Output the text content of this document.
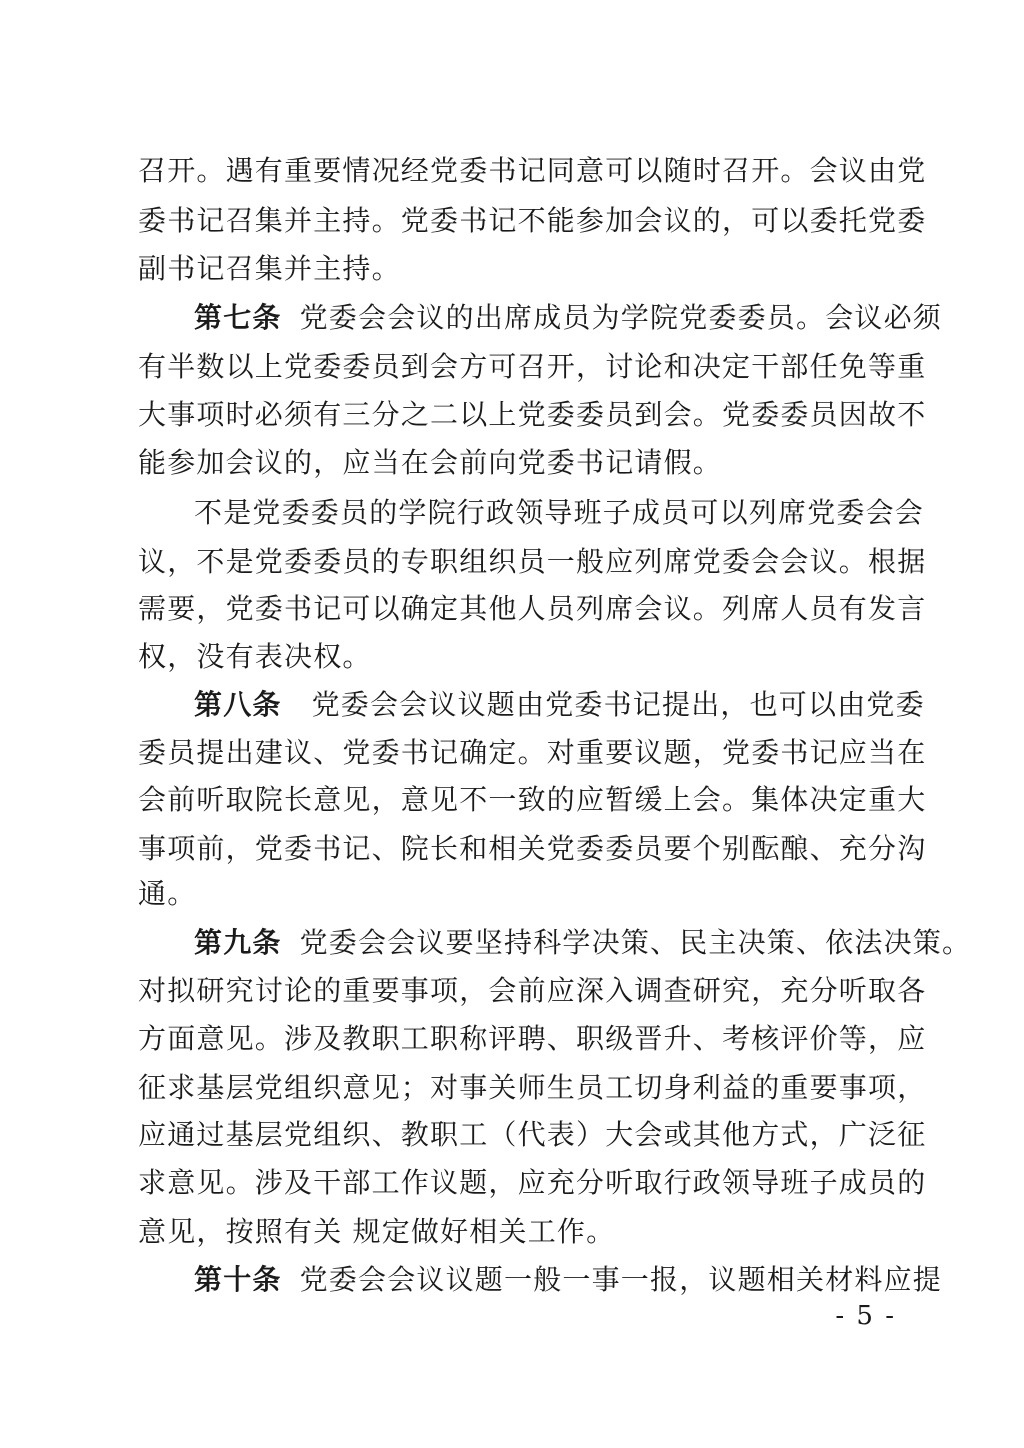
召开。遇有重要情况经党委书记同意可以随时召开。会议由党
委书记召集并主持。党委书记不能参加会议的，可以委托党委
副书记召集并主持。
第七条 党委会会议的出席成员为学院党委委员。会议必须
有半数以上党委委员到会方可召开，讨论和决定干部任免等重
大事项时必须有三分之二以上党委委员到会。党委委员因故不
能参加会议的，应当在会前向党委书记请假。
不是党委委员的学院行政领导班子成员可以列席党委会会
议，不是党委委员的专职组织员一般应列席党委会会议。根据
需要，党委书记可以确定其他人员列席会议。列席人员有发言
权，没有表决权。
第八条 党委会会议议题由党委书记提出，也可以由党委
委员提出建议、党委书记确定。对重要议题，党委书记应当在
会前听取院长意见，意见不一致的应暂缓上会。集体决定重大
事项前，党委书记、院长和相关党委委员要个别酝酿、充分沟
通。
第九条 党委会会议要坚持科学决策、民主决策、依法决策。
对拟研究讨论的重要事项，会前应深入调查研究，充分听取各
方面意见。涉及教职工职称评聘、职级晋升、考核评价等，应
征求基层党组织意见；对事关师生员工切身利益的重要事项，
应通过基层党组织、教职工（代表）大会或其他方式，广泛征
求意见。涉及干部工作议题，应充分听取行政领导班子成员的
意见，按照有关 规定做好相关工作。
第十条 党委会会议议题一般一事一报，议题相关材料应提
- 5 -
